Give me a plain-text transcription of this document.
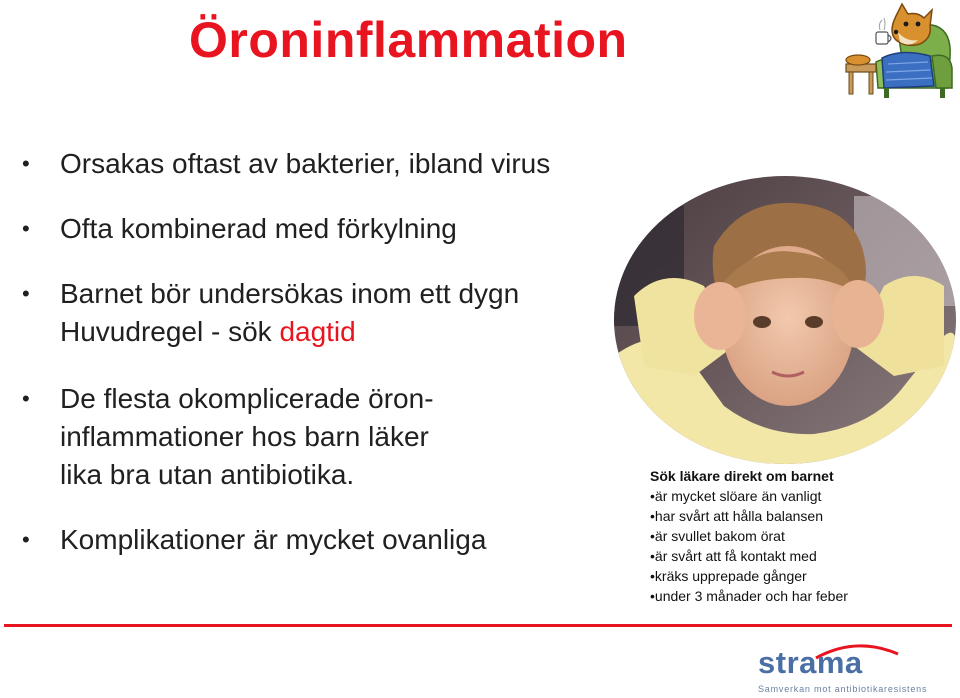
Öroninflammation
•	Orsakas oftast av bakterier, ibland virus
•	Ofta kombinerad med förkylning
•	Barnet bör undersökas inom ett dygn
Huvudregel - sök dagtid
•	De flesta okomplicerade öron-
inflammationer hos barn läker
lika bra utan antibiotika.
•	Komplikationer är mycket ovanliga
Sök läkare direkt om barnet
•är mycket slöare än vanligt
•har svårt att hålla balansen
•är svullet bakom örat
•är svårt att få kontakt med
•kräks upprepade gånger
•under 3 månader och har feber
strama
Samverkan mot antibiotikaresistens
